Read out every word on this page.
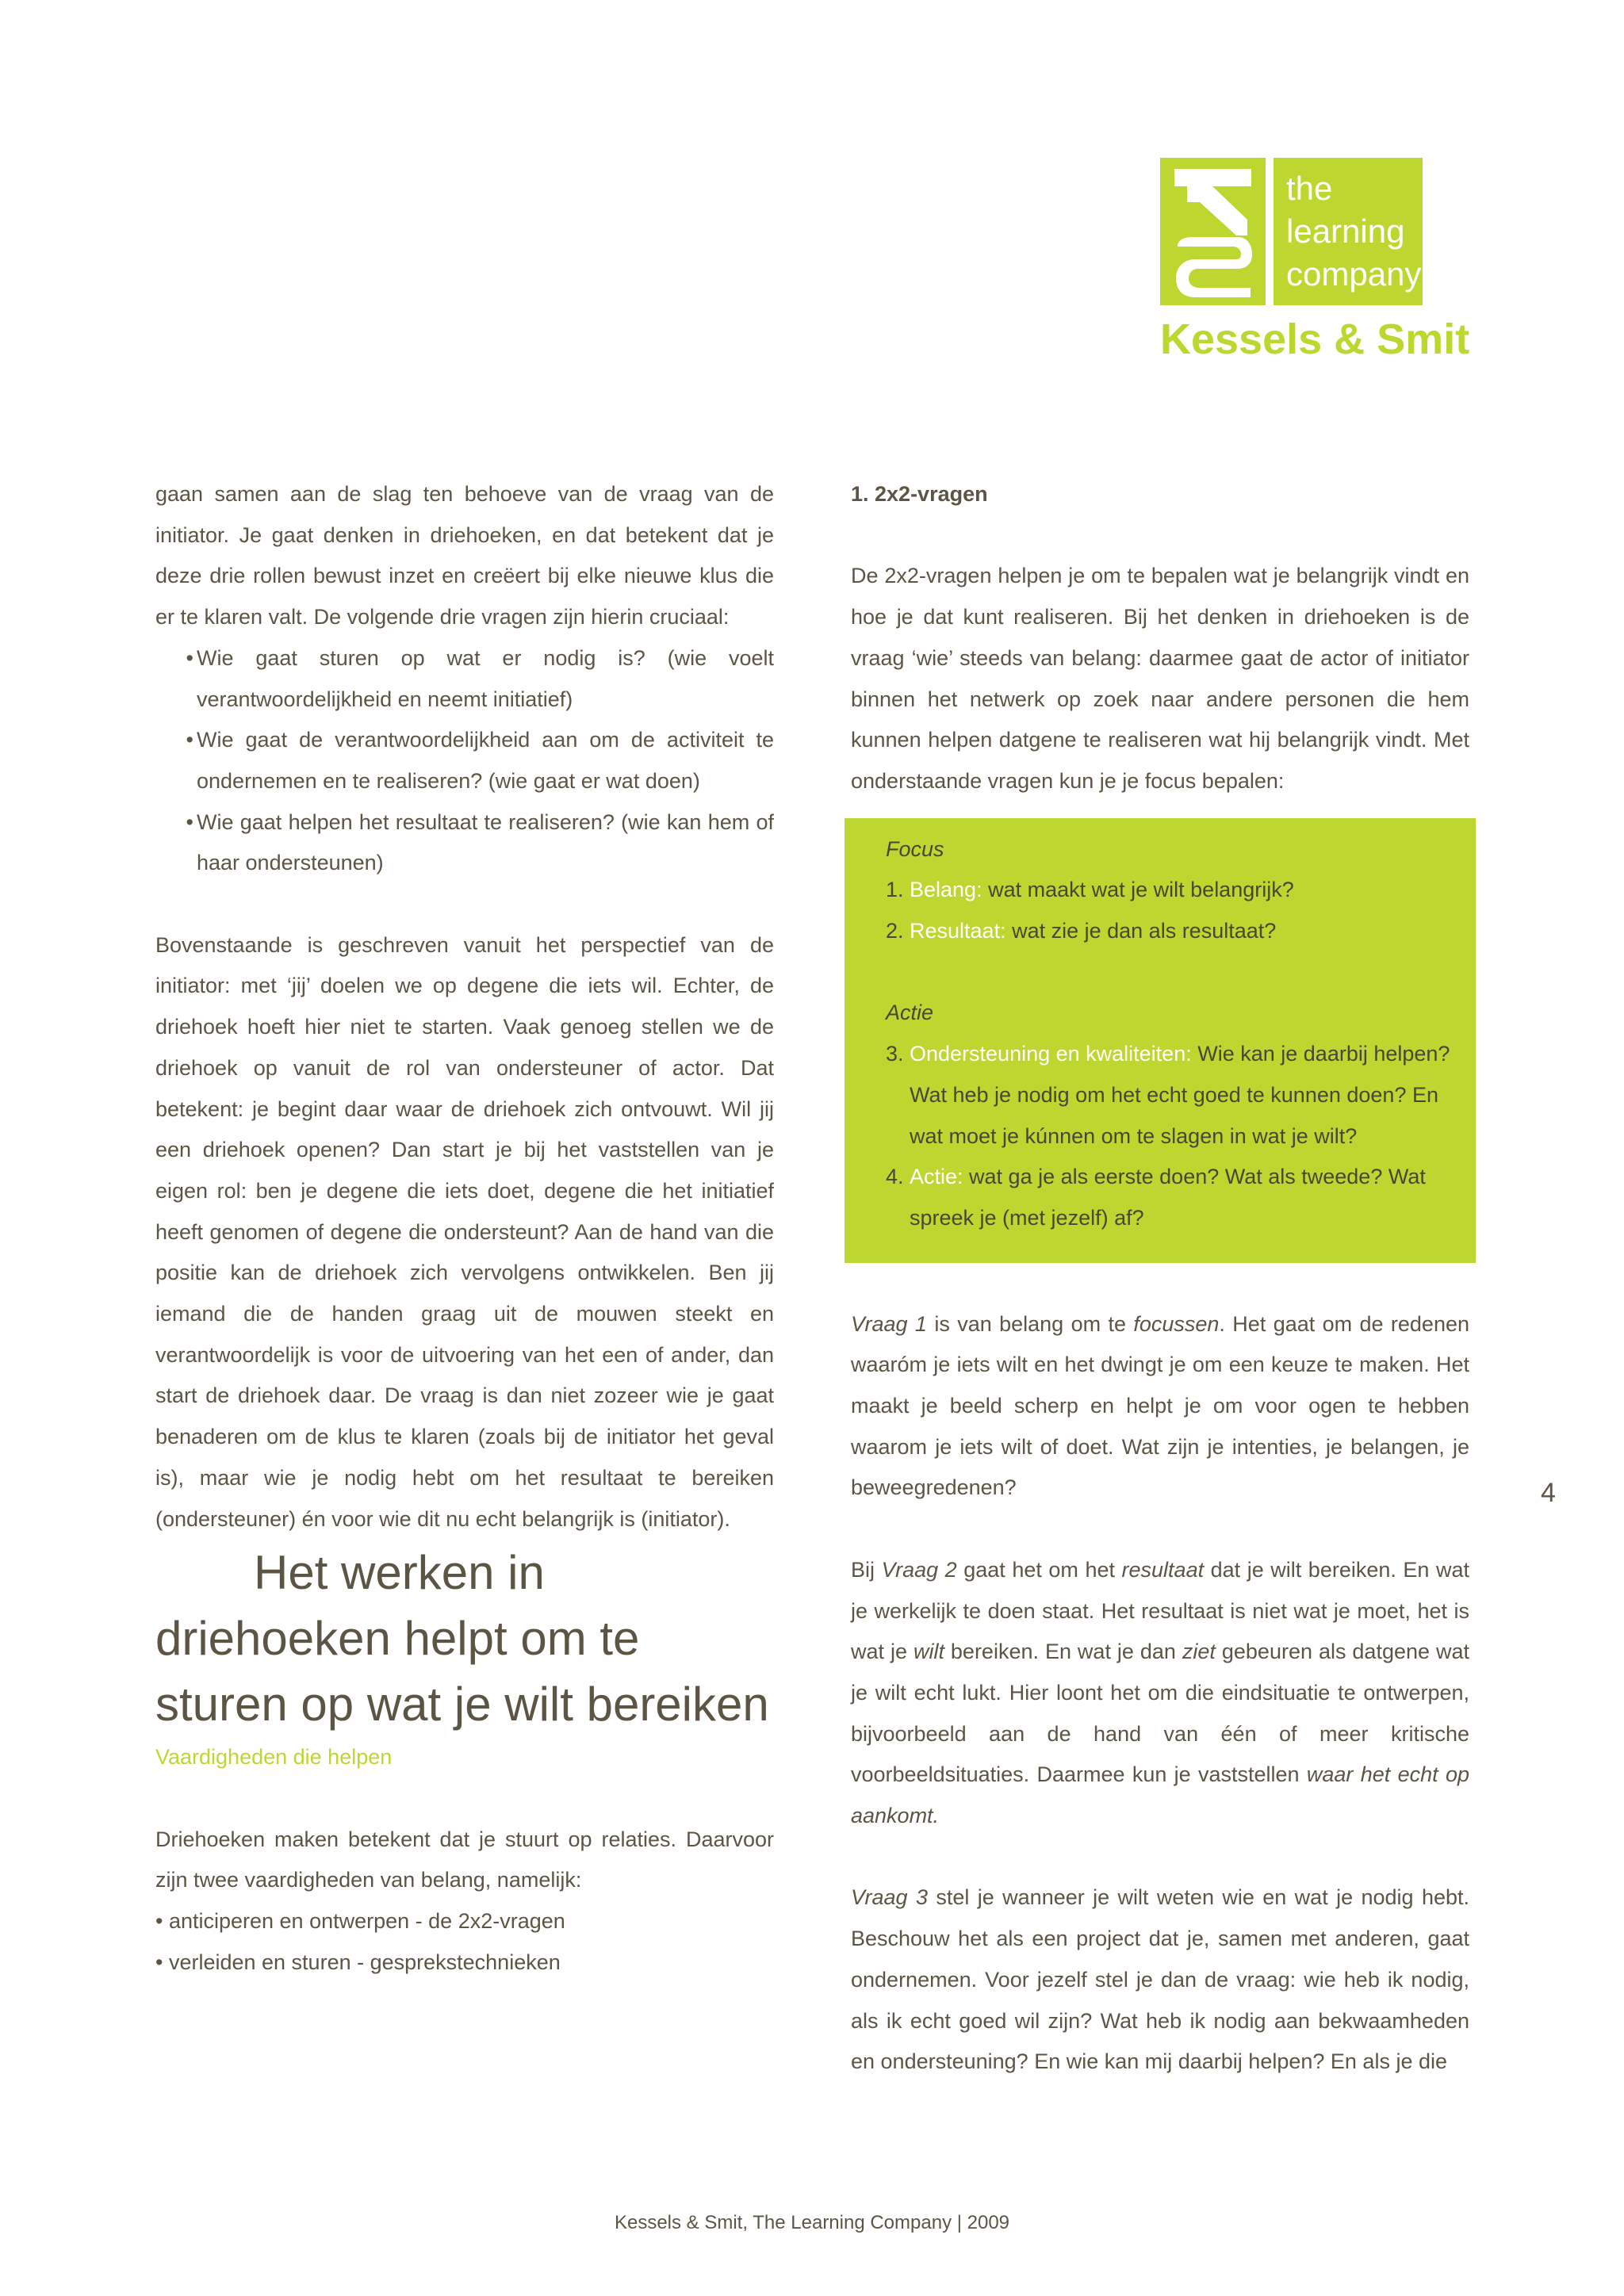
the
learning
company
Kessels & Smit

gaan samen aan de slag ten behoeve van de vraag van de initiator. Je gaat denken in driehoeken, en dat betekent dat je deze drie rollen bewust inzet en creëert bij elke nieuwe klus die er te klaren valt. De volgende drie vragen zijn hierin cruciaal:

• Wie gaat sturen op wat er nodig is? (wie voelt verantwoordelijkheid en neemt initiatief)
• Wie gaat de verantwoordelijkheid aan om de activiteit te ondernemen en te realiseren? (wie gaat er wat doen)
• Wie gaat helpen het resultaat te realiseren? (wie kan hem of haar ondersteunen)

Bovenstaande is geschreven vanuit het perspectief van de initiator: met ‘jij’ doelen we op degene die iets wil. Echter, de driehoek hoeft hier niet te starten. Vaak genoeg stellen we de driehoek op vanuit de rol van ondersteuner of actor. Dat betekent: je begint daar waar de driehoek zich ontvouwt. Wil jij een driehoek openen? Dan start je bij het vaststellen van je eigen rol: ben je degene die iets doet, degene die het initiatief heeft genomen of degene die ondersteunt? Aan de hand van die positie kan de driehoek zich vervolgens ontwikkelen. Ben jij iemand die de handen graag uit de mouwen steekt en verantwoordelijk is voor de uitvoering van het een of ander, dan start de driehoek daar. De vraag is dan niet zozeer wie je gaat benaderen om de klus te klaren (zoals bij de initiator het geval is), maar wie je nodig hebt om het resultaat te bereiken (ondersteuner) én voor wie dit nu echt belangrijk is (initiator).

Het werken in driehoeken helpt om te sturen op wat je wilt bereiken

Vaardigheden die helpen

Driehoeken maken betekent dat je stuurt op relaties. Daarvoor zijn twee vaardigheden van belang, namelijk:

• anticiperen en ontwerpen - de 2x2-vragen

• verleiden en sturen - gesprekstechnieken

1. 2x2-vragen

De 2x2-vragen helpen je om te bepalen wat je belangrijk vindt en hoe je dat kunt realiseren. Bij het denken in driehoeken is de vraag ‘wie’ steeds van belang: daarmee gaat de actor of initiator binnen het netwerk op zoek naar andere personen die hem kunnen helpen datgene te realiseren wat hij belangrijk vindt. Met onderstaande vragen kun je je focus bepalen:

Focus

1. Belang: wat maakt wat je wilt belangrijk?
2. Resultaat: wat zie je dan als resultaat?

Actie

3. Ondersteuning en kwaliteiten: Wie kan je daarbij helpen? Wat heb je nodig om het echt goed te kunnen doen? En wat moet je kúnnen om te slagen in wat je wilt?
4. Actie: wat ga je als eerste doen? Wat als tweede? Wat spreek je (met jezelf) af?

Vraag 1 is van belang om te focussen. Het gaat om de redenen waaróm je iets wilt en het dwingt je om een keuze te maken. Het maakt je beeld scherp en helpt je om voor ogen te hebben waarom je iets wilt of doet. Wat zijn je intenties, je belangen, je beweegredenen?

Bij Vraag 2 gaat het om het resultaat dat je wilt bereiken. En wat je werkelijk te doen staat. Het resultaat is niet wat je moet, het is wat je wilt bereiken. En wat je dan ziet gebeuren als datgene wat je wilt echt lukt. Hier loont het om die eindsituatie te ontwerpen, bijvoorbeeld aan de hand van één of meer kritische voorbeeldsituaties. Daarmee kun je vaststellen waar het echt op aankomt.

Vraag 3 stel je wanneer je wilt weten wie en wat je nodig hebt. Beschouw het als een project dat je, samen met anderen, gaat ondernemen. Voor jezelf stel je dan de vraag: wie heb ik nodig, als ik echt goed wil zijn? Wat heb ik nodig aan bekwaamheden en ondersteuning? En wie kan mij daarbij helpen? En als je die

4
Kessels & Smit, The Learning Company | 2009
